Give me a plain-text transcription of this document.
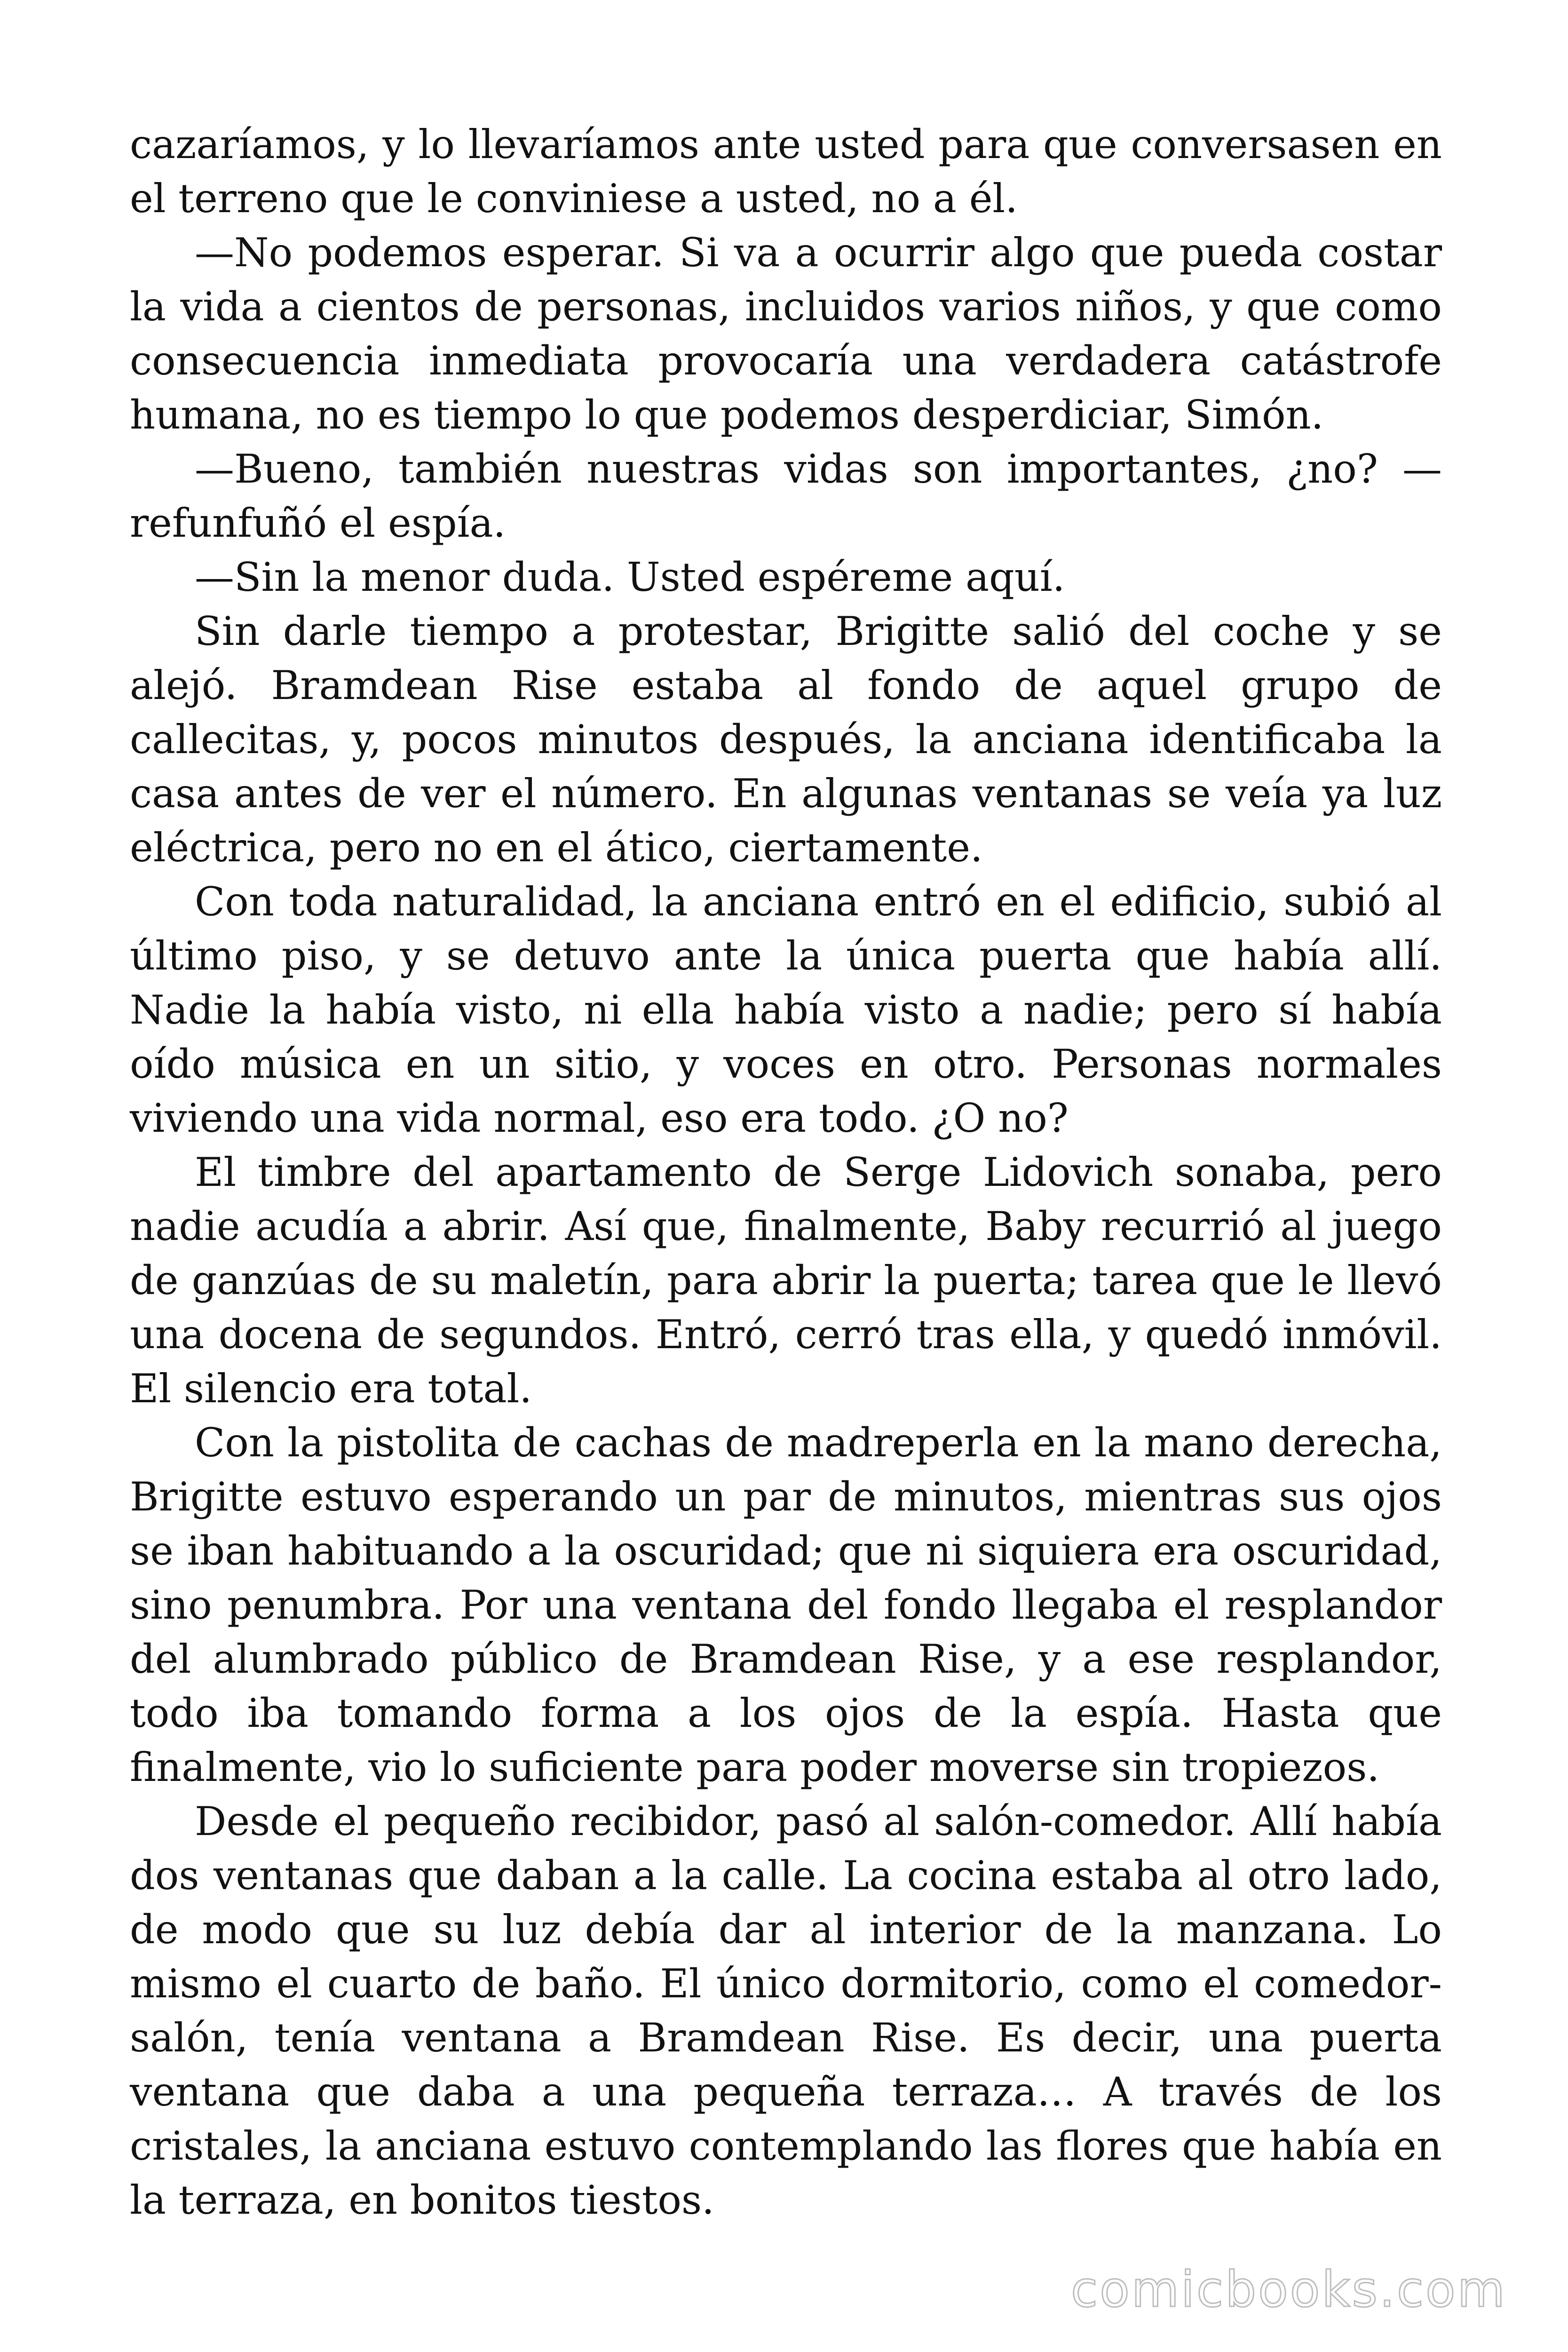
cazaríamos, y lo llevaríamos ante usted para que conversasen en el terreno que le conviniese a usted, no a él.

—No podemos esperar. Si va a ocurrir algo que pueda costar la vida a cientos de personas, incluidos varios niños, y que como consecuencia inmediata provocaría una verdadera catástrofe humana, no es tiempo lo que podemos desperdiciar, Simón.

—Bueno, también nuestras vidas son importantes, ¿no? —refunfuñó el espía.

—Sin la menor duda. Usted espéreme aquí.

Sin darle tiempo a protestar, Brigitte salió del coche y se alejó. Bramdean Rise estaba al fondo de aquel grupo de callecitas, y, pocos minutos después, la anciana identificaba la casa antes de ver el número. En algunas ventanas se veía ya luz eléctrica, pero no en el ático, ciertamente.

Con toda naturalidad, la anciana entró en el edificio, subió al último piso, y se detuvo ante la única puerta que había allí. Nadie la había visto, ni ella había visto a nadie; pero sí había oído música en un sitio, y voces en otro. Personas normales viviendo una vida normal, eso era todo. ¿O no?

El timbre del apartamento de Serge Lidovich sonaba, pero nadie acudía a abrir. Así que, finalmente, Baby recurrió al juego de ganzúas de su maletín, para abrir la puerta; tarea que le llevó una docena de segundos. Entró, cerró tras ella, y quedó inmóvil. El silencio era total.

Con la pistolita de cachas de madreperla en la mano derecha, Brigitte estuvo esperando un par de minutos, mientras sus ojos se iban habituando a la oscuridad; que ni siquiera era oscuridad, sino penumbra. Por una ventana del fondo llegaba el resplandor del alumbrado público de Bramdean Rise, y a ese resplandor, todo iba tomando forma a los ojos de la espía. Hasta que finalmente, vio lo suficiente para poder moverse sin tropiezos.

Desde el pequeño recibidor, pasó al salón-comedor. Allí había dos ventanas que daban a la calle. La cocina estaba al otro lado, de modo que su luz debía dar al interior de la manzana. Lo mismo el cuarto de baño. El único dormitorio, como el comedor-salón, tenía ventana a Bramdean Rise. Es decir, una puerta ventana que daba a una pequeña terraza… A través de los cristales, la anciana estuvo contemplando las flores que había en la terraza, en bonitos tiestos.

comicbooks.com
